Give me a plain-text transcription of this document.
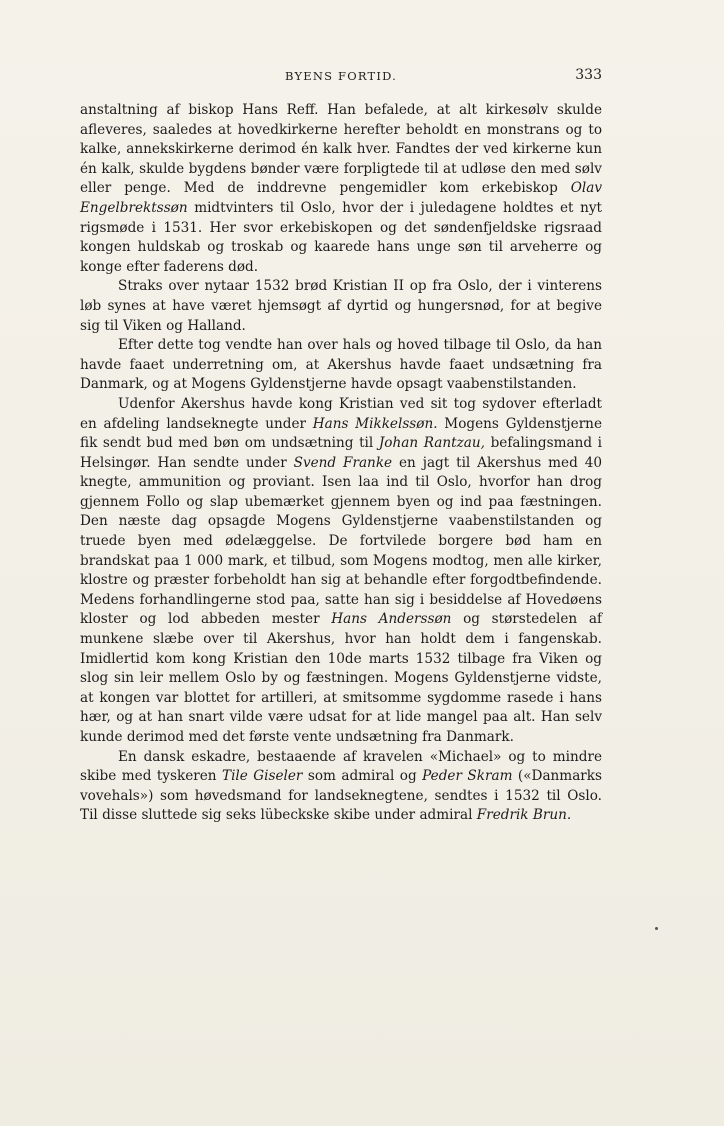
BYENS FORTID.	333

anstaltning af biskop Hans Reff. Han befalede, at alt kirkesølv skulde afleveres, saaledes at hovedkirkerne herefter beholdt en monstrans og to kalke, annekskirkerne derimod én kalk hver. Fandtes der ved kirkerne kun én kalk, skulde bygdens bønder være forpligtede til at udløse den med sølv eller penge. Med de inddrevne pengemidler kom erkebiskop Olav Engelbrektssøn midtvinters til Oslo, hvor der i juledagene holdtes et nyt rigsmøde i 1531. Her svor erkebiskopen og det søndenfjeldske rigsraad kongen huldskab og troskab og kaarede hans unge søn til arveherre og konge efter faderens død.

Straks over nytaar 1532 brød Kristian II op fra Oslo, der i vinterens løb synes at have været hjemsøgt af dyrtid og hungersnød, for at begive sig til Viken og Halland.

Efter dette tog vendte han over hals og hoved tilbage til Oslo, da han havde faaet underretning om, at Akershus havde faaet undsætning fra Danmark, og at Mogens Gyldenstjerne havde opsagt vaabenstilstanden.

Udenfor Akershus havde kong Kristian ved sit tog sydover efterladt en afdeling landseknegte under Hans Mikkelssøn. Mogens Gyldenstjerne fik sendt bud med bøn om undsætning til Johan Rantzau, befalingsmand i Helsingør. Han sendte under Svend Franke en jagt til Akershus med 40 knegte, ammunition og proviant. Isen laa ind til Oslo, hvorfor han drog gjennem Follo og slap ubemærket gjennem byen og ind paa fæstningen. Den næste dag opsagde Mogens Gyldenstjerne vaabenstilstanden og truede byen med ødelæggelse. De fortvilede borgere bød ham en brandskat paa 1 000 mark, et tilbud, som Mogens modtog, men alle kirker, klostre og præster forbeholdt han sig at behandle efter forgodtbefindende. Medens forhandlingerne stod paa, satte han sig i besiddelse af Hovedøens kloster og lod abbeden mester Hans Anderssøn og størstedelen af munkene slæbe over til Akershus, hvor han holdt dem i fangenskab. Imidlertid kom kong Kristian den 10de marts 1532 tilbage fra Viken og slog sin leir mellem Oslo by og fæstningen. Mogens Gyldenstjerne vidste, at kongen var blottet for artilleri, at smitsomme sygdomme rasede i hans hær, og at han snart vilde være udsat for at lide mangel paa alt. Han selv kunde derimod med det første vente undsætning fra Danmark.

En dansk eskadre, bestaaende af kravelen «Michael» og to mindre skibe med tyskeren Tile Giseler som admiral og Peder Skram («Danmarks vovehals») som høvedsmand for landseknegtene, sendtes i 1532 til Oslo. Til disse sluttede sig seks lübeckske skibe under admiral Fredrik Brun.
